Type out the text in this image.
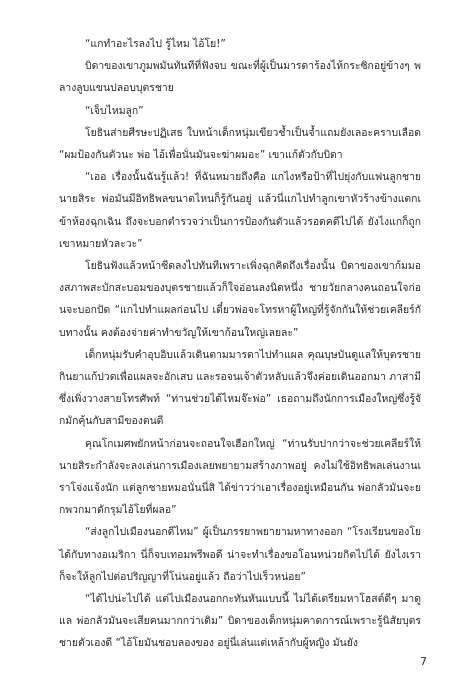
“แกทำอะไรลงไป รู้ไหม ไอ้โย!”

บิดาของเขาภูมพมันทันทีที่ฟังจบ ขณะที่ผู้เป็นมารดาร้องไห้กระซิกอยู่ข้างๆ พลางลูบแขนปลอบบุตรชาย

“เจ็บไหมลูก”

โยธินส่ายศีรษะปฏิเสธ ใบหน้าเด็กหนุ่มเขียวช้ำเป็นจ้ำแถมยังเลอะคราบเลือด “ผมป้องกันตัวนะ พ่อ ไอ้เพื่อนั่นมันจะฆ่าผมอะ” เขาแก้ตัวกับบิดา

“เออ เรื่องนั้นฉันรู้แล้ว! ที่ฉันหมายถึงคือ แกไงหรือป้าที่ไปยุ่งกับแฟนลูกชายนายสิระ พ่อมันมีอิทธิพลขนาดไหนก็รู้กันอยู่ แล้วนี่แกไปทำลูกเขาหัวร้างข้างแตกเข้าห้องฉุกเฉิน ถึงจะบอกตำรวจว่าเป็นการป้องกันตัวแล้วรอดคดีไปได้ ยังไงแกก็ถูกเขาหมายหัวละวะ”

โยธินฟังแล้วหน้าซีดลงไปทันทีเพราะเพิ่งฉุกคิดถึงเรื่องนั้น บิดาของเขาก้มมองสภาพสะบักสะบอมของบุตรชายแล้วก็ใจอ่อนลงนิดหนึ่ง ชายวัยกลางคนถอนใจก่อนจะบอกปัด “แกไปทำแผลก่อนไป เดี๋ยวพ่อจะโทรหาผู้ใหญ่ที่รู้จักกันให้ช่วยเคลียร์กับทางนั้น คงต้องจ่ายค่าทำขวัญให้เขาก้อนใหญ่เลยละ”

เด็กหนุ่มรับคำอุบอิบแล้วเดินตามมารดาไปทำแผล คุณบุษบันดูแลให้บุตรชายกินยาแก้ปวดเพื่อแผลจะอักเสบ และรอจนเจ้าตัวหลับแล้วจึงค่อยเดินออกมา ภาสามีซึ่งเพิ่งวางสายโทรศัพท์ “ท่านช่วยได้ไหมจ๊ะพ่อ” เธอถามถึงนักการเมืองใหญ่ซึ่งรู้จักมักคุ้นกับสามีของตนดี

คุณโกเมศพยักหน้าก่อนจะถอนใจเฮือกใหญ่ “ท่านรับปากว่าจะช่วยเคลียร์ให้ นายสิระกำลังจะลงเล่นการเมืองเลยพยายามสร้างภาพอยู่ คงไม่ใช้อิทธิพลเล่นงานเราโจ่งแจ้งนัก แต่ลูกชายหมอนั่นนี่สิ ได้ข่าวว่าเอาเรื่องอยู่เหมือนกัน พ่อกลัวมันจะยกพวกมาดักรุมไอ้โยที่ผลอ”

“ส่งลูกไปเมืองนอกดีไหม” ผู้เป็นภรรยาพยายามหาทางออก “โรงเรียนของโยได้กับทางอเมริกา นี่ก็จบเทอมพรีพอดี น่าจะทำเรื่องขอโอนหน่วยกิตไปได้ ยังไงเราก็จะให้ลูกไปต่อปริญญาที่โน่นอยู่แล้ว ถือว่าไปเร็วหน่อย”

“ได้ไปน่ะไปได้ แต่ไปเมืองนอกกะทันหันแบบนี้ ไม่ได้เตรียมหาโฮสต์ดีๆ มาดูแล พ่อกลัวมันจะเสียคนมากกว่าเดิม” บิดาของเด็กหนุ่มคาดการณ์เพราะรู้นิสัยบุตรชายตัวเองดี “ไอ้โยมันชอบลองของ อยู่นี่เล่นแต่เหล้ากับผู้หญิง มันยัง

7
